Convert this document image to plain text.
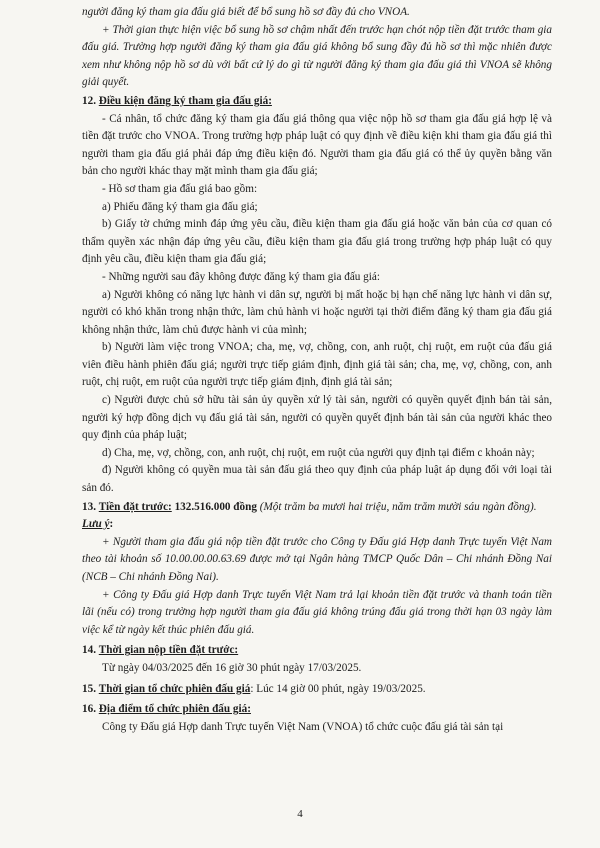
người đăng ký tham gia đấu giá biết để bổ sung hồ sơ đầy đủ cho VNOA.

+ Thời gian thực hiện việc bổ sung hồ sơ chậm nhất đến trước hạn chót nộp tiền đặt trước tham gia đấu giá. Trường hợp người đăng ký tham gia đấu giá không bổ sung đầy đủ hồ sơ thì mặc nhiên được xem như không nộp hồ sơ dù với bất cứ lý do gì từ người đăng ký tham gia đấu giá thì VNOA sẽ không giải quyết.

12. Điều kiện đăng ký tham gia đấu giá:

- Cá nhân, tổ chức đăng ký tham gia đấu giá thông qua việc nộp hồ sơ tham gia đấu giá hợp lệ và tiền đặt trước cho VNOA. Trong trường hợp pháp luật có quy định về điều kiện khi tham gia đấu giá thì người tham gia đấu giá phải đáp ứng điều kiện đó. Người tham gia đấu giá có thể ủy quyền bằng văn bản cho người khác thay mặt mình tham gia đấu giá;

- Hồ sơ tham gia đấu giá bao gồm:

a) Phiếu đăng ký tham gia đấu giá;

b) Giấy tờ chứng minh đáp ứng yêu cầu, điều kiện tham gia đấu giá hoặc văn bản của cơ quan có thẩm quyền xác nhận đáp ứng yêu cầu, điều kiện tham gia đấu giá trong trường hợp pháp luật có quy định yêu cầu, điều kiện tham gia đấu giá;

- Những người sau đây không được đăng ký tham gia đấu giá:

a) Người không có năng lực hành vi dân sự, người bị mất hoặc bị hạn chế năng lực hành vi dân sự, người có khó khăn trong nhận thức, làm chủ hành vi hoặc người tại thời điểm đăng ký tham gia đấu giá không nhận thức, làm chủ được hành vi của mình;

b) Người làm việc trong VNOA; cha, mẹ, vợ, chồng, con, anh ruột, chị ruột, em ruột của đấu giá viên điều hành phiên đấu giá; người trực tiếp giám định, định giá tài sản; cha, mẹ, vợ, chồng, con, anh ruột, chị ruột, em ruột của người trực tiếp giám định, định giá tài sản;

c) Người được chủ sở hữu tài sản ủy quyền xử lý tài sản, người có quyền quyết định bán tài sản, người ký hợp đồng dịch vụ đấu giá tài sản, người có quyền quyết định bán tài sản của người khác theo quy định của pháp luật;

d) Cha, mẹ, vợ, chồng, con, anh ruột, chị ruột, em ruột của người quy định tại điểm c khoản này;

đ) Người không có quyền mua tài sản đấu giá theo quy định của pháp luật áp dụng đối với loại tài sản đó.

13. Tiền đặt trước: 132.516.000 đồng (Một trăm ba mươi hai triệu, năm trăm mười sáu ngàn đồng).

Lưu ý:

+ Người tham gia đấu giá nộp tiền đặt trước cho Công ty Đấu giá Hợp danh Trực tuyến Việt Nam theo tài khoản số 10.00.00.00.63.69 được mở tại Ngân hàng TMCP Quốc Dân – Chi nhánh Đồng Nai (NCB – Chi nhánh Đồng Nai).

+ Công ty Đấu giá Hợp danh Trực tuyến Việt Nam trả lại khoản tiền đặt trước và thanh toán tiền lãi (nếu có) trong trường hợp người tham gia đấu giá không trúng đấu giá trong thời hạn 03 ngày làm việc kể từ ngày kết thúc phiên đấu giá.

14. Thời gian nộp tiền đặt trước:

Từ ngày 04/03/2025 đến 16 giờ 30 phút ngày 17/03/2025.

15. Thời gian tổ chức phiên đấu giá: Lúc 14 giờ 00 phút, ngày 19/03/2025.

16. Địa điểm tổ chức phiên đấu giá:

Công ty Đấu giá Hợp danh Trực tuyến Việt Nam (VNOA) tổ chức cuộc đấu giá tài sản tại

4
